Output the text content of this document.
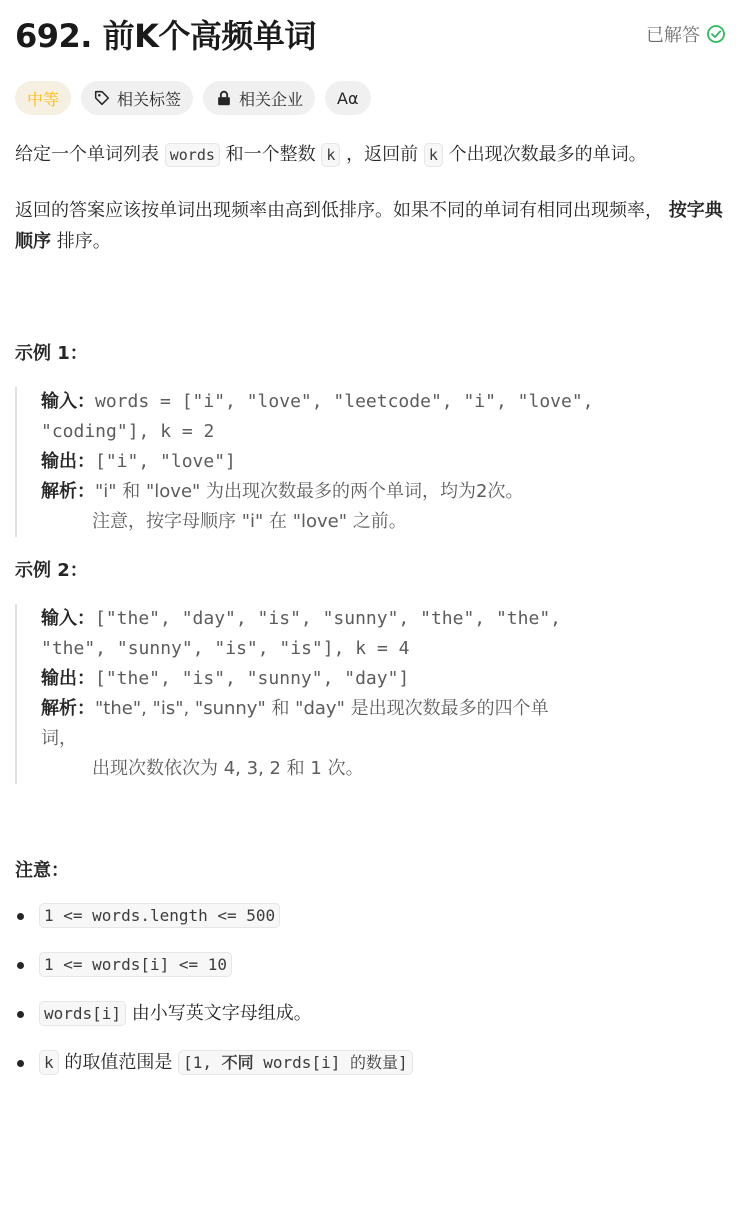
692. 前K个高频单词	已解答
中等	相关标签	相关企业 Aα

给定一个单词列表 words 和一个整数 k ，返回前 k 个出现次数最多的单词。

返回的答案应该按单词出现频率由高到低排序。如果不同的单词有相同出现频率， 按字典顺序 排序。

示例 1：

输入：words = ["i", "love", "leetcode", "i", "love",
"coding"], k = 2
输出：["i", "love"]
解析："i" 和 "love" 为出现次数最多的两个单词，均为2次。
注意，按字母顺序 "i" 在 "love" 之前。

示例 2：

输入：["the", "day", "is", "sunny", "the", "the",
"the", "sunny", "is", "is"], k = 4
输出：["the", "is", "sunny", "day"]
解析："the", "is", "sunny" 和 "day" 是出现次数最多的四个单
词，
出现次数依次为 4, 3, 2 和 1 次。

注意：

1 <= words.length <= 500
1 <= words[i] <= 10
words[i] 由小写英文字母组成。
k 的取值范围是 [1, 不同 words[i] 的数量]
